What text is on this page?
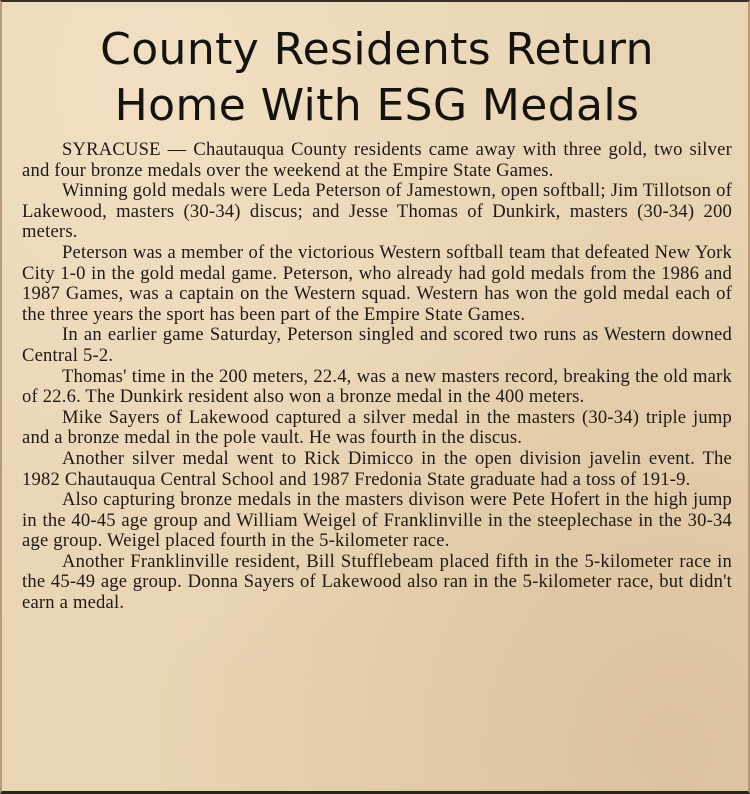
County Residents Return
Home With ESG Medals

SYRACUSE — Chautauqua County residents came away with three gold, two silver and four bronze medals over the weekend at the Empire State Games.

Winning gold medals were Leda Peterson of Jamestown, open softball; Jim Tillotson of Lakewood, masters (30-34) discus; and Jesse Thomas of Dunkirk, masters (30-34) 200 meters.

Peterson was a member of the victorious Western softball team that defeated New York City 1-0 in the gold medal game. Peterson, who already had gold medals from the 1986 and 1987 Games, was a captain on the Western squad. Western has won the gold medal each of the three years the sport has been part of the Empire State Games.

In an earlier game Saturday, Peterson singled and scored two runs as Western downed Central 5-2.

Thomas' time in the 200 meters, 22.4, was a new masters record, breaking the old mark of 22.6. The Dunkirk resident also won a bronze medal in the 400 meters.

Mike Sayers of Lakewood captured a silver medal in the masters (30-34) triple jump and a bronze medal in the pole vault. He was fourth in the discus.

Another silver medal went to Rick Dimicco in the open division javelin event. The 1982 Chautauqua Central School and 1987 Fredonia State graduate had a toss of 191-9.

Also capturing bronze medals in the masters divison were Pete Hofert in the high jump in the 40-45 age group and William Weigel of Franklinville in the steeplechase in the 30-34 age group. Weigel placed fourth in the 5-kilometer race.

Another Franklinville resident, Bill Stufflebeam placed fifth in the 5-kilometer race in the 45-49 age group. Donna Sayers of Lakewood also ran in the 5-kilometer race, but didn't earn a medal.
